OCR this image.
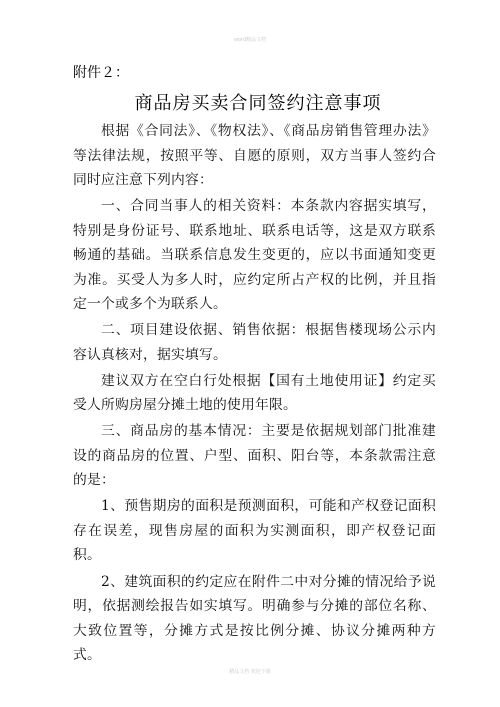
word精品文档
附件２：
商品房买卖合同签约注意事项

根据《合同法》、《物权法》、《商品房销售管理办法》等法律法规，按照平等、自愿的原则，双方当事人签约合同时应注意下列内容：

一、合同当事人的相关资料：本条款内容据实填写，特别是身份证号、联系地址、联系电话等，这是双方联系畅通的基础。当联系信息发生变更的，应以书面通知变更为准。买受人为多人时，应约定所占产权的比例，并且指定一个或多个为联系人。

二、项目建设依据、销售依据：根据售楼现场公示内容认真核对，据实填写。

建议双方在空白行处根据【国有土地使用证】约定买受人所购房屋分摊土地的使用年限。

三、商品房的基本情况：主要是依据规划部门批准建设的商品房的位置、户型、面积、阳台等，本条款需注意的是：

1、预售期房的面积是预测面积，可能和产权登记面积存在误差，现售房屋的面积为实测面积，即产权登记面积。

2、建筑面积的约定应在附件二中对分摊的情况给予说明，依据测绘报告如实填写。明确参与分摊的部位名称、大致位置等，分摊方式是按比例分摊、协议分摊两种方式。

精品文档 欢迎下载
